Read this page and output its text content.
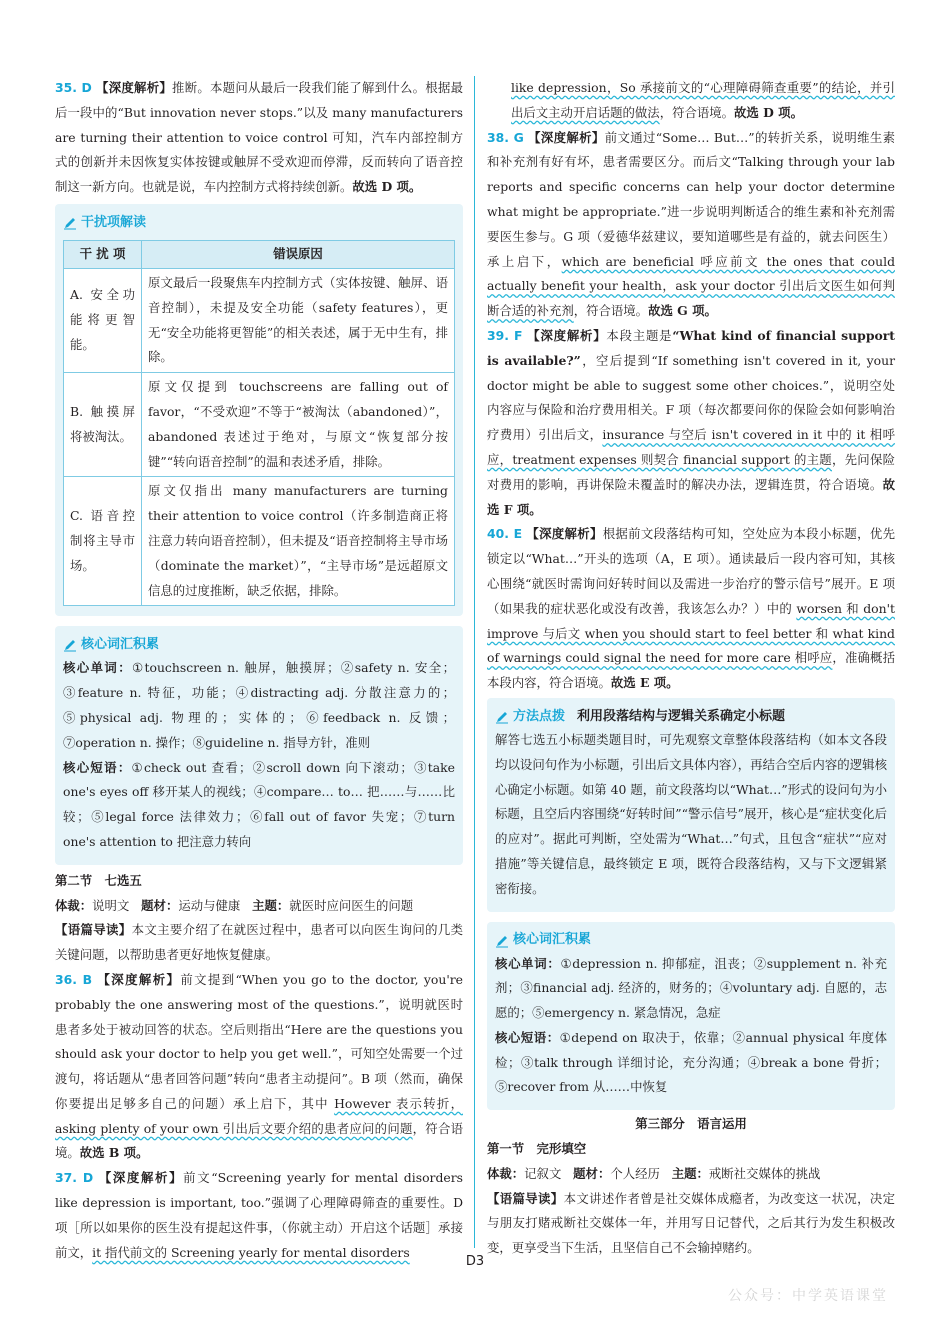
35. D 【深度解析】推断。本题问从最后一段我们能了解到什么。根据最后一段中的“But innovation never stops.”以及 many manufacturers are turning their attention to voice control 可知，汽车内部控制方式的创新并未因恢复实体按键或触屏不受欢迎而停滞，反而转向了语音控制这一新方向。也就是说，车内控制方式将持续创新。故选 D 项。

干扰项解读
干 扰 项	错误原因
A. 安全功能将更智能。	原文最后一段聚焦车内控制方式（实体按键、触屏、语音控制），未提及安全功能（safety features），更无“安全功能将更智能”的相关表述，属于无中生有，排除。
B. 触摸屏将被淘汰。	原文仅提到 touchscreens are falling out of favor，“不受欢迎”不等于“被淘汰（abandoned）”，abandoned 表述过于绝对，与原文“恢复部分按键”“转向语音控制”的温和表述矛盾，排除。
C. 语音控制将主导市场。	原文仅指出 many manufacturers are turning their attention to voice control（许多制造商正将注意力转向语音控制），但未提及“语音控制将主导市场（dominate the market）”，“主导市场”是远超原文信息的过度推断，缺乏依据，排除。
核心词汇积累

核心单词：①touchscreen n. 触屏，触摸屏；②safety n. 安全；③feature n. 特征，功能；④distracting adj. 分散注意力的；⑤physical adj. 物理的；实体的；⑥feedback n. 反馈；⑦operation n. 操作；⑧guideline n. 指导方针，准则

核心短语：①check out 查看；②scroll down 向下滚动；③take one's eyes off 移开某人的视线；④compare… to… 把……与……比较；⑤legal force 法律效力；⑥fall out of favor 失宠；⑦turn one's attention to 把注意力转向

第二节　七选五

体裁：说明文 题材：运动与健康 主题：就医时应问医生的问题

【语篇导读】本文主要介绍了在就医过程中，患者可以向医生询问的几类关键问题，以帮助患者更好地恢复健康。

36. B 【深度解析】前文提到“When you go to the doctor, you're probably the one answering most of the questions.”，说明就医时患者多处于被动回答的状态。空后则指出“Here are the questions you should ask your doctor to help you get well.”，可知空处需要一个过渡句，将话题从“患者回答问题”转向“患者主动提问”。B 项（然而，确保你要提出足够多自己的问题）承上启下，其中 However 表示转折，asking plenty of your own 引出后文要介绍的患者应问的问题，符合语境。故选 B 项。

37. D 【深度解析】前文“Screening yearly for mental disorders like depression is important, too.”强调了心理障碍筛查的重要性。D 项［所以如果你的医生没有提起这件事，（你就主动）开启这个话题］承接前文，it 指代前文的 Screening yearly for mental disorders

like depression，So 承接前文的“心理障碍筛查重要”的结论，并引出后文主动开启话题的做法，符合语境。故选 D 项。

38. G 【深度解析】前文通过“Some… But…”的转折关系，说明维生素和补充剂有好有坏，患者需要区分。而后文“Talking through your lab reports and specific concerns can help your doctor determine what might be appropriate.”进一步说明判断适合的维生素和补充剂需要医生参与。G 项（爱德华兹建议，要知道哪些是有益的，就去问医生）承上启下，which are beneficial 呼应前文 the ones that could actually benefit your health，ask your doctor 引出后文医生如何判断合适的补充剂，符合语境。故选 G 项。

39. F 【深度解析】本段主题是“What kind of financial support is available?”，空后提到“If something isn't covered in it, your doctor might be able to suggest some other choices.”，说明空处内容应与保险和治疗费用相关。F 项（每次都要问你的保险会如何影响治疗费用）引出后文，insurance 与空后 isn't covered in it 中的 it 相呼应，treatment expenses 则契合 financial support 的主题，先问保险对费用的影响，再讲保险未覆盖时的解决办法，逻辑连贯，符合语境。故选 F 项。

40. E 【深度解析】根据前文段落结构可知，空处应为本段小标题，优先锁定以“What…”开头的选项（A，E 项）。通读最后一段内容可知，其核心围绕“就医时需询问好转时间以及需进一步治疗的警示信号”展开。E 项（如果我的症状恶化或没有改善，我该怎么办？）中的 worsen 和 don't improve 与后文 when you should start to feel better 和 what kind of warnings could signal the need for more care 相呼应，准确概括本段内容，符合语境。故选 E 项。

方法点拨 利用段落结构与逻辑关系确定小标题

解答七选五小标题类题目时，可先观察文章整体段落结构（如本文各段均以设问句作为小标题，引出后文具体内容），再结合空后内容的逻辑核心确定小标题。如第 40 题，前文段落均以“What…”形式的设问句为小标题，且空后内容围绕“好转时间”“警示信号”展开，核心是“症状变化后的应对”。据此可判断，空处需为“What…”句式，且包含“症状”“应对措施”等关键信息，最终锁定 E 项，既符合段落结构，又与下文逻辑紧密衔接。

核心词汇积累

核心单词：①depression n. 抑郁症，沮丧；②supplement n. 补充剂；③financial adj. 经济的，财务的；④voluntary adj. 自愿的，志愿的；⑤emergency n. 紧急情况，急症

核心短语：①depend on 取决于，依靠；②annual physical 年度体检；③talk through 详细讨论，充分沟通；④break a bone 骨折；⑤recover from 从……中恢复

第三部分　语言运用

第一节　完形填空

体裁：记叙文 题材：个人经历 主题：戒断社交媒体的挑战

【语篇导读】本文讲述作者曾是社交媒体成瘾者，为改变这一状况，决定与朋友打赌戒断社交媒体一年，并用写日记替代，之后其行为发生积极改变，更享受当下生活，且坚信自己不会输掉赌约。

D3
公众号：中学英语课堂
